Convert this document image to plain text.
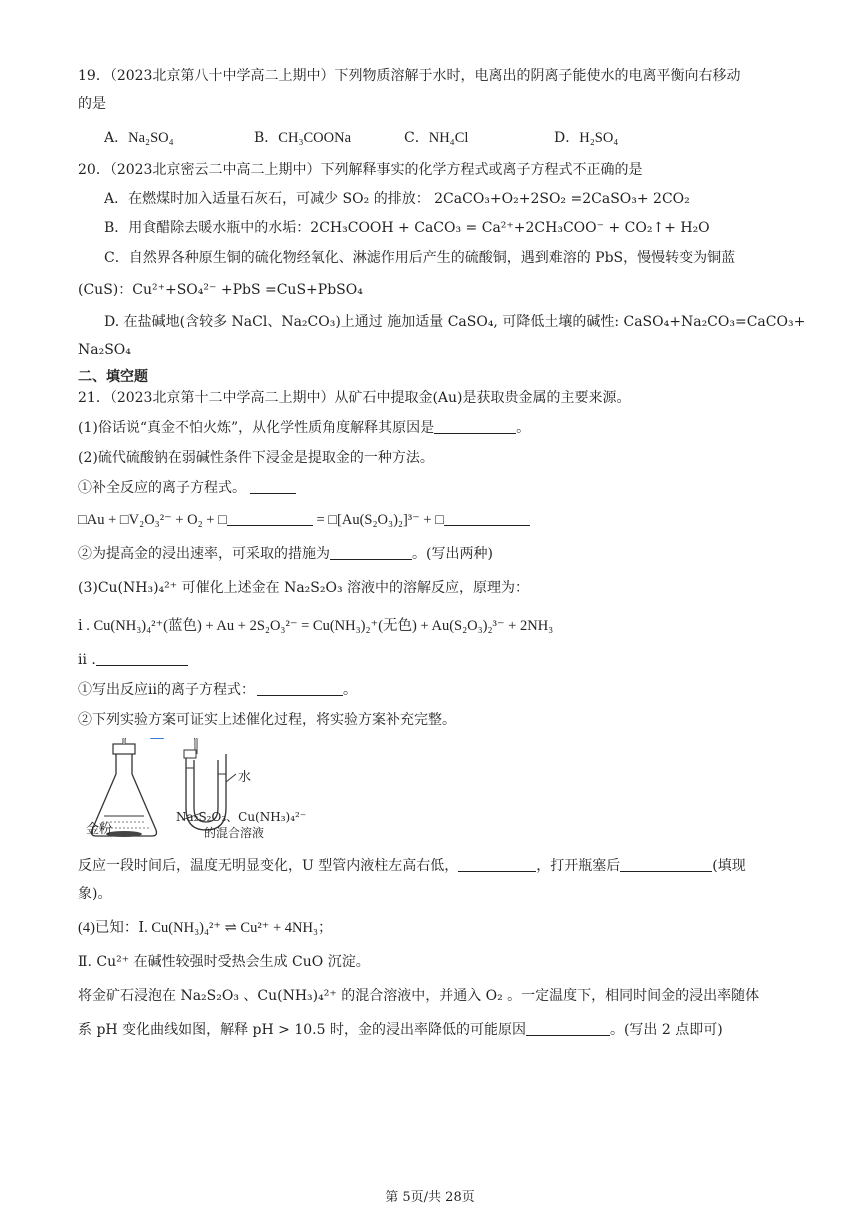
19．（2023北京第八十中学高二上期中）下列物质溶解于水时，电离出的阴离子能使水的电离平衡向右移动
的是
A．Na₂SO₄	B．CH₃COONa	C．NH₄Cl	D．H₂SO₄
20．（2023北京密云二中高二上期中）下列解释事实的化学方程式或离子方程式不正确的是
A．在燃煤时加入适量石灰石，可减少 SO₂ 的排放： 2CaCO₃+O₂+2SO₂ =2CaSO₃+ 2CO₂
B．用食醋除去暖水瓶中的水垢：2CH₃COOH + CaCO₃ = Ca²⁺+2CH₃COO⁻ + CO₂↑+ H₂O
C．自然界各种原生铜的硫化物经氧化、淋滤作用后产生的硫酸铜，遇到难溶的 PbS，慢慢转变为铜蓝
(CuS)：Cu²⁺+SO₄²⁻ +PbS =CuS+PbSO₄
D. 在盐碱地(含较多 NaCl、Na₂CO₃)上通过 施加适量 CaSO₄, 可降低土壤的碱性: CaSO₄+Na₂CO₃=CaCO₃+
Na₂SO₄
二、填空题
21．（2023北京第十二中学高二上期中）从矿石中提取金(Au)是获取贵金属的主要来源。
(1)俗话说“真金不怕火炼”，从化学性质角度解释其原因是	。
(2)硫代硫酸钠在弱碱性条件下浸金是提取金的一种方法。
①补全反应的离子方程式。
□Au + □V₂O₃²⁻ + O₂ + □	= □[Au(S₂O₃)₂]³⁻ + □
②为提高金的浸出速率，可采取的措施为	。(写出两种)
(3)Cu(NH₃)₄²⁺ 可催化上述金在 Na₂S₂O₃ 溶液中的溶解反应，原理为：
ⅰ . Cu(NH₃)₄²⁺(蓝色) + Au + 2S₂O₃²⁻ = Cu(NH₃)₂⁺(无色) + Au(S₂O₃)₂³⁻ + 2NH₃
ⅱ .
①写出反应ⅱ的离子方程式：	。
②下列实验方案可证实上述催化过程，将实验方案补充完整。
水
金粉
Na₂S₂O₃、Cu(NH₃)₄²⁻
的混合溶液
反应一段时间后，温度无明显变化，U 型管内液柱左高右低，	，打开瓶塞后	(填现
象)。
(4)已知：Ⅰ. Cu(NH₃)₄²⁺ ⇌ Cu²⁺ + 4NH₃；
Ⅱ. Cu²⁺ 在碱性较强时受热会生成 CuO 沉淀。
将金矿石浸泡在 Na₂S₂O₃ 、Cu(NH₃)₄²⁺ 的混合溶液中，并通入 O₂ 。一定温度下，相同时间金的浸出率随体
系 pH 变化曲线如图，解释 pH > 10.5 时，金的浸出率降低的可能原因	。(写出 2 点即可)
第 5页/共 28页
